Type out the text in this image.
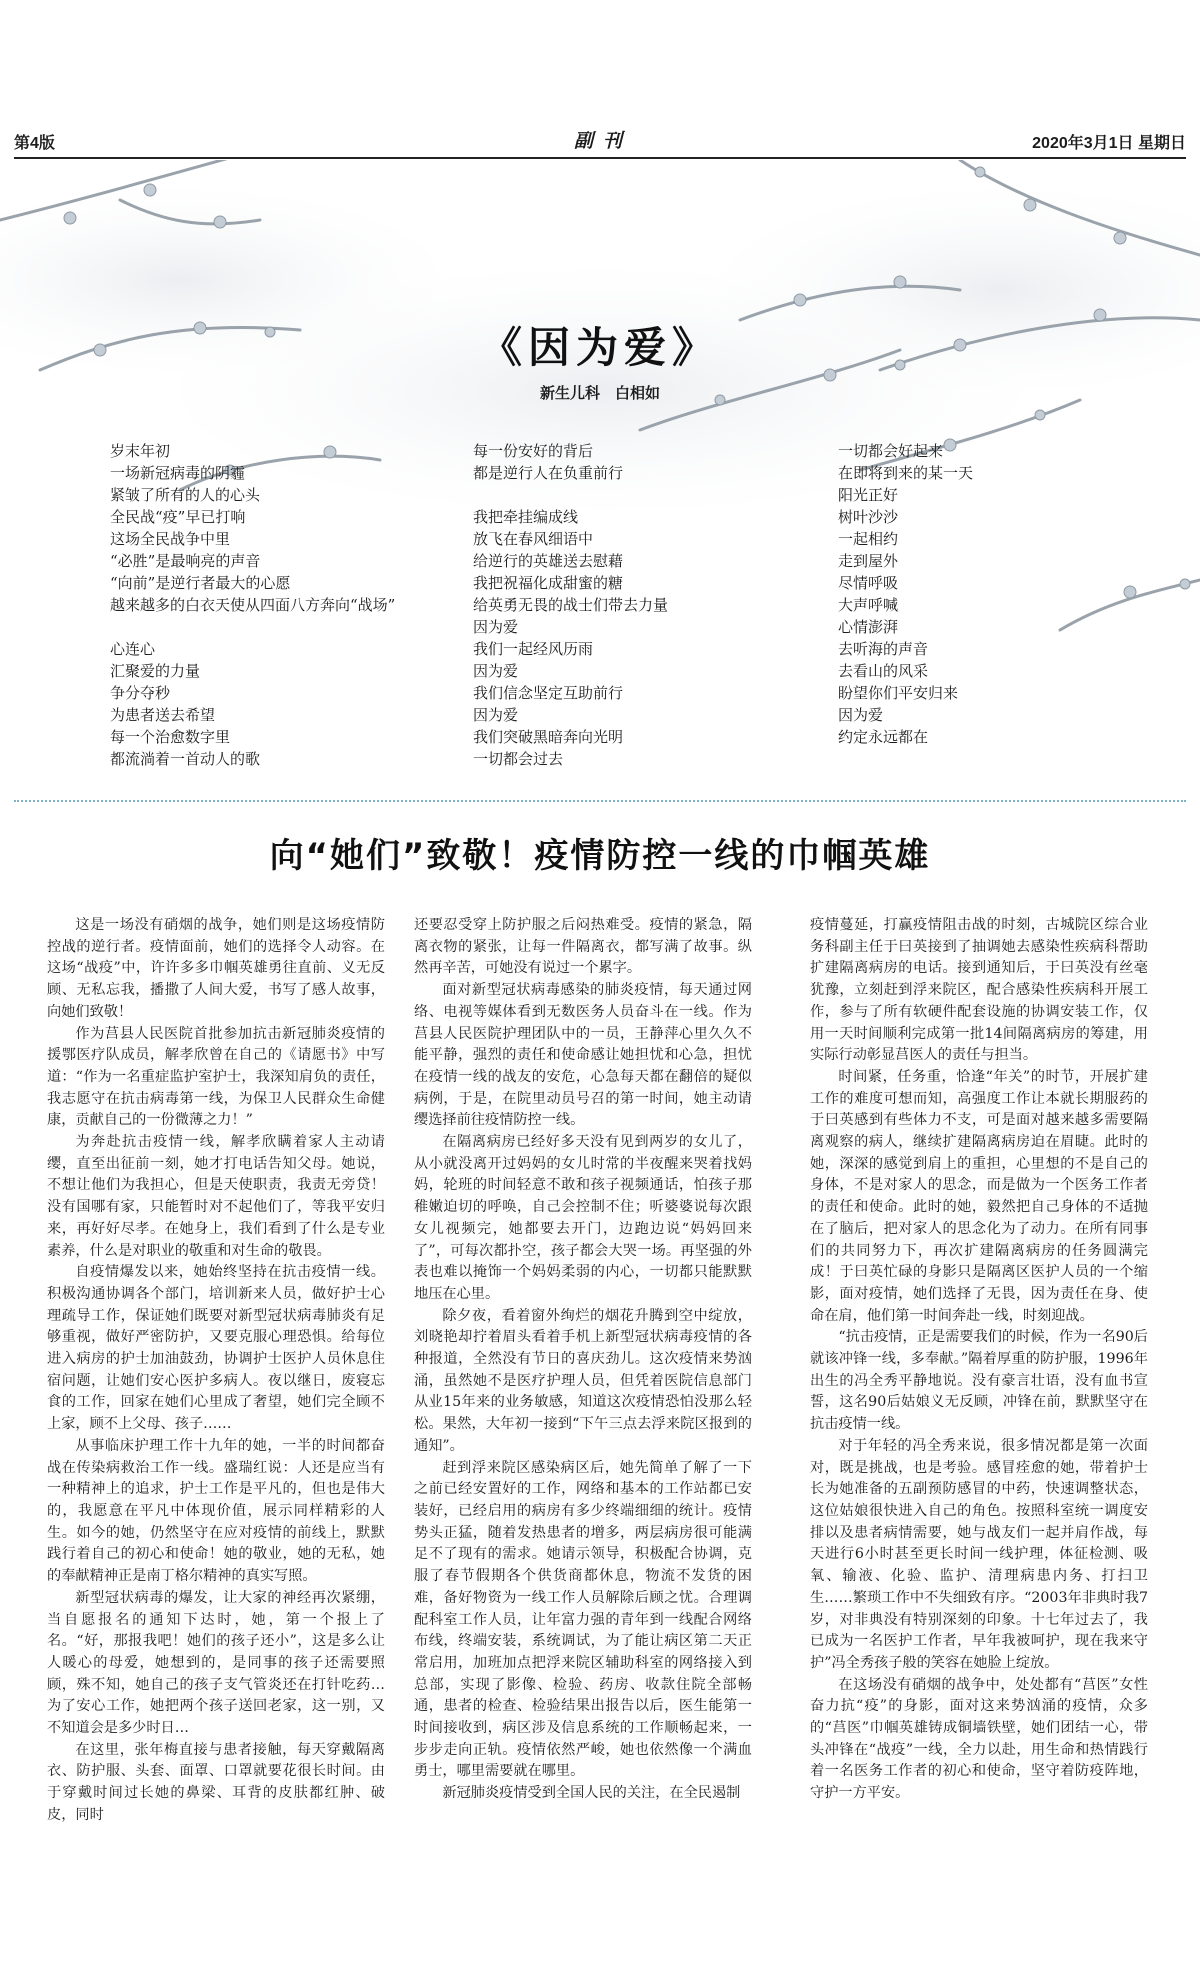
第4版	副刊	2020年3月1日 星期日
《因为爱》
新生儿科　白相如
岁末年初
一场新冠病毒的阴霾
紧皱了所有的人的心头
全民战“疫”早已打响
这场全民战争中里
“必胜”是最响亮的声音
“向前”是逆行者最大的心愿
越来越多的白衣天使从四面八方奔向“战场”
心连心
汇聚爱的力量
争分夺秒
为患者送去希望
每一个治愈数字里
都流淌着一首动人的歌
每一份安好的背后
都是逆行人在负重前行
我把牵挂编成线
放飞在春风细语中
给逆行的英雄送去慰藉
我把祝福化成甜蜜的糖
给英勇无畏的战士们带去力量
因为爱
我们一起经风历雨
因为爱
我们信念坚定互助前行
因为爱
我们突破黑暗奔向光明
一切都会过去
一切都会好起来
在即将到来的某一天
阳光正好
树叶沙沙
一起相约
走到屋外
尽情呼吸
大声呼喊
心情澎湃
去听海的声音
去看山的风采
盼望你们平安归来
因为爱
约定永远都在
向“她们”致敬！疫情防控一线的巾帼英雄

这是一场没有硝烟的战争，她们则是这场疫情防控战的逆行者。疫情面前，她们的选择令人动容。在这场“战疫”中，许许多多巾帼英雄勇往直前、义无反顾、无私忘我，播撒了人间大爱，书写了感人故事，向她们致敬！

作为莒县人民医院首批参加抗击新冠肺炎疫情的援鄂医疗队成员，解孝欣曾在自己的《请愿书》中写道：“作为一名重症监护室护士，我深知肩负的责任，我志愿守在抗击病毒第一线，为保卫人民群众生命健康，贡献自己的一份微薄之力！”

为奔赴抗击疫情一线，解孝欣瞒着家人主动请缨，直至出征前一刻，她才打电话告知父母。她说，不想让他们为我担心，但是天使职责，我责无旁贷！没有国哪有家，只能暂时对不起他们了，等我平安归来，再好好尽孝。在她身上，我们看到了什么是专业素养，什么是对职业的敬重和对生命的敬畏。

自疫情爆发以来，她始终坚持在抗击疫情一线。积极沟通协调各个部门，培训新来人员，做好护士心理疏导工作，保证她们既要对新型冠状病毒肺炎有足够重视，做好严密防护，又要克服心理恐惧。给每位进入病房的护士加油鼓劲，协调护士医护人员休息住宿问题，让她们安心医护多病人。夜以继日，废寝忘食的工作，回家在她们心里成了奢望，她们完全顾不上家，顾不上父母、孩子……

从事临床护理工作十九年的她，一半的时间都奋战在传染病救治工作一线。盛瑞红说：人还是应当有一种精神上的追求，护士工作是平凡的，但也是伟大的，我愿意在平凡中体现价值，展示同样精彩的人生。如今的她，仍然坚守在应对疫情的前线上，默默践行着自己的初心和使命！她的敬业，她的无私，她的奉献精神正是南丁格尔精神的真实写照。

新型冠状病毒的爆发，让大家的神经再次紧绷，当自愿报名的通知下达时，她，第一个报上了名。“好，那报我吧！她们的孩子还小”，这是多么让人暖心的母爱，她想到的，是同事的孩子还需要照顾，殊不知，她自己的孩子支气管炎还在打针吃药…为了安心工作，她把两个孩子送回老家，这一别，又不知道会是多少时日…

在这里，张年梅直接与患者接触，每天穿戴隔离衣、防护服、头套、面罩、口罩就要花很长时间。由于穿戴时间过长她的鼻梁、耳背的皮肤都红肿、破皮，同时

还要忍受穿上防护服之后闷热难受。疫情的紧急，隔离衣物的紧张，让每一件隔离衣，都写满了故事。纵然再辛苦，可她没有说过一个累字。

面对新型冠状病毒感染的肺炎疫情，每天通过网络、电视等媒体看到无数医务人员奋斗在一线。作为莒县人民医院护理团队中的一员，王静萍心里久久不能平静，强烈的责任和使命感让她担忧和心急，担忧在疫情一线的战友的安危，心急每天都在翻倍的疑似病例，于是，在院里动员号召的第一时间，她主动请缨选择前往疫情防控一线。

在隔离病房已经好多天没有见到两岁的女儿了，从小就没离开过妈妈的女儿时常的半夜醒来哭着找妈妈，轮班的时间轻意不敢和孩子视频通话，怕孩子那稚嫩迫切的呼唤，自己会控制不住；听婆婆说每次跟女儿视频完，她都要去开门，边跑边说“妈妈回来了”，可每次都扑空，孩子都会大哭一场。再坚强的外表也难以掩饰一个妈妈柔弱的内心，一切都只能默默地压在心里。

除夕夜，看着窗外绚烂的烟花升腾到空中绽放，刘晓艳却拧着眉头看着手机上新型冠状病毒疫情的各种报道，全然没有节日的喜庆劲儿。这次疫情来势汹涌，虽然她不是医疗护理人员，但凭着医院信息部门从业15年来的业务敏感，知道这次疫情恐怕没那么轻松。果然，大年初一接到“下午三点去浮来院区报到的通知”。

赶到浮来院区感染病区后，她先简单了解了一下之前已经安置好的工作，网络和基本的工作站都已安装好，已经启用的病房有多少终端细细的统计。疫情势头正猛，随着发热患者的增多，两层病房很可能满足不了现有的需求。她请示领导，积极配合协调，克服了春节假期各个供货商都休息，物流不发货的困难，备好物资为一线工作人员解除后顾之忧。合理调配科室工作人员，让年富力强的青年到一线配合网络布线，终端安装，系统调试，为了能让病区第二天正常启用，加班加点把浮来院区辅助科室的网络接入到总部，实现了影像、检验、药房、收款住院全部畅通，患者的检查、检验结果出报告以后，医生能第一时间接收到，病区涉及信息系统的工作顺畅起来，一步步走向正轨。疫情依然严峻，她也依然像一个满血勇士，哪里需要就在哪里。

新冠肺炎疫情受到全国人民的关注，在全民遏制

疫情蔓延，打赢疫情阻击战的时刻，古城院区综合业务科副主任于曰英接到了抽调她去感染性疾病科帮助扩建隔离病房的电话。接到通知后，于曰英没有丝毫犹豫，立刻赶到浮来院区，配合感染性疾病科开展工作，参与了所有软硬件配套设施的协调安装工作，仅用一天时间顺利完成第一批14间隔离病房的筹建，用实际行动彰显莒医人的责任与担当。

时间紧，任务重，恰逢“年关”的时节，开展扩建工作的难度可想而知，高强度工作让本就长期服药的于曰英感到有些体力不支，可是面对越来越多需要隔离观察的病人，继续扩建隔离病房迫在眉睫。此时的她，深深的感觉到肩上的重担，心里想的不是自己的身体，不是对家人的思念，而是做为一个医务工作者的责任和使命。此时的她，毅然把自己身体的不适抛在了脑后，把对家人的思念化为了动力。在所有同事们的共同努力下，再次扩建隔离病房的任务圆满完成！于曰英忙碌的身影只是隔离区医护人员的一个缩影，面对疫情，她们选择了无畏，因为责任在身、使命在肩，他们第一时间奔赴一线，时刻迎战。

“抗击疫情，正是需要我们的时候，作为一名90后就该冲锋一线，多奉献。”隔着厚重的防护服，1996年出生的冯全秀平静地说。没有豪言壮语，没有血书宣誓，这名90后姑娘义无反顾，冲锋在前，默默坚守在抗击疫情一线。

对于年轻的冯全秀来说，很多情况都是第一次面对，既是挑战，也是考验。感冒痊愈的她，带着护士长为她准备的五副预防感冒的中药，快速调整状态，这位姑娘很快进入自己的角色。按照科室统一调度安排以及患者病情需要，她与战友们一起并肩作战，每天进行6小时甚至更长时间一线护理，体征检测、吸氧、输液、化验、监护、清理病患内务、打扫卫生……繁琐工作中不失细致有序。“2003年非典时我7岁，对非典没有特别深刻的印象。十七年过去了，我已成为一名医护工作者，早年我被呵护，现在我来守护”冯全秀孩子般的笑容在她脸上绽放。

在这场没有硝烟的战争中，处处都有“莒医”女性奋力抗“疫”的身影，面对这来势汹涌的疫情，众多的“莒医”巾帼英雄铸成铜墙铁壁，她们团结一心，带头冲锋在“战疫”一线，全力以赴，用生命和热情践行着一名医务工作者的初心和使命，坚守着防疫阵地，守护一方平安。
